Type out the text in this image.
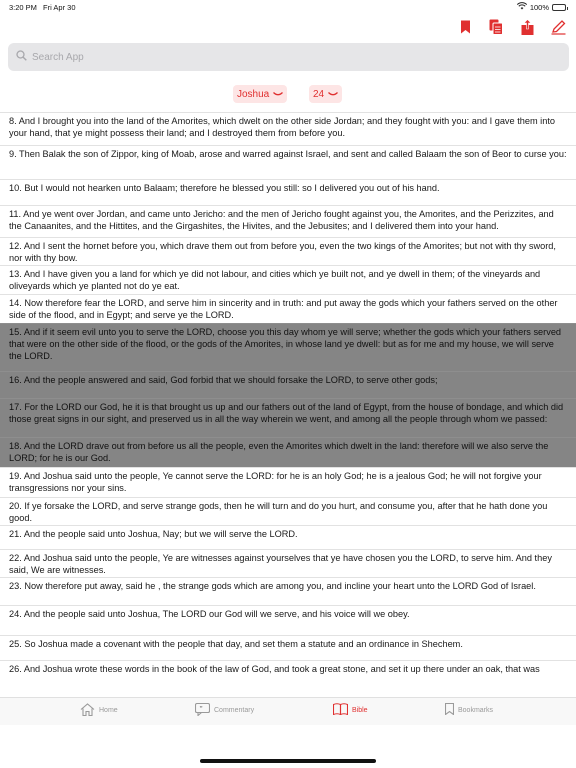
3:20 PM Fri Apr 30	100%
Search App
Joshua	24
8. And I brought you into the land of the Amorites, which dwelt on the other side Jordan; and they fought with you: and I gave them into your hand, that ye might possess their land; and I destroyed them from before you.
9. Then Balak the son of Zippor, king of Moab, arose and warred against Israel, and sent and called Balaam the son of Beor to curse you:
10. But I would not hearken unto Balaam; therefore he blessed you still: so I delivered you out of his hand.
11. And ye went over Jordan, and came unto Jericho: and the men of Jericho fought against you, the Amorites, and the Perizzites, and the Canaanites, and the Hittites, and the Girgashites, the Hivites, and the Jebusites; and I delivered them into your hand.
12. And I sent the hornet before you, which drave them out from before you, even the two kings of the Amorites; but not with thy sword, nor with thy bow.
13. And I have given you a land for which ye did not labour, and cities which ye built not, and ye dwell in them; of the vineyards and oliveyards which ye planted not do ye eat.
14. Now therefore fear the LORD, and serve him in sincerity and in truth: and put away the gods which your fathers served on the other side of the flood, and in Egypt; and serve ye the LORD.
15. And if it seem evil unto you to serve the LORD, choose you this day whom ye will serve; whether the gods which your fathers served that were on the other side of the flood, or the gods of the Amorites, in whose land ye dwell: but as for me and my house, we will serve the LORD.
16. And the people answered and said, God forbid that we should forsake the LORD, to serve other gods;
17. For the LORD our God, he it is that brought us up and our fathers out of the land of Egypt, from the house of bondage, and which did those great signs in our sight, and preserved us in all the way wherein we went, and among all the people through whom we passed:
18. And the LORD drave out from before us all the people, even the Amorites which dwelt in the land: therefore will we also serve the LORD; for he is our God.
19. And Joshua said unto the people, Ye cannot serve the LORD: for he is an holy God; he is a jealous God; he will not forgive your transgressions nor your sins.
20. If ye forsake the LORD, and serve strange gods, then he will turn and do you hurt, and consume you, after that he hath done you good.
21. And the people said unto Joshua, Nay; but we will serve the LORD.
22. And Joshua said unto the people, Ye are witnesses against yourselves that ye have chosen you the LORD, to serve him. And they said, We are witnesses.
23. Now therefore put away, said he , the strange gods which are among you, and incline your heart unto the LORD God of Israel.
24. And the people said unto Joshua, The LORD our God will we serve, and his voice will we obey.
25. So Joshua made a covenant with the people that day, and set them a statute and an ordinance in Shechem.
26. And Joshua wrote these words in the book of the law of God, and took a great stone, and set it up there under an oak, that was
Home	❞ Commentary	Bible	Bookmarks
